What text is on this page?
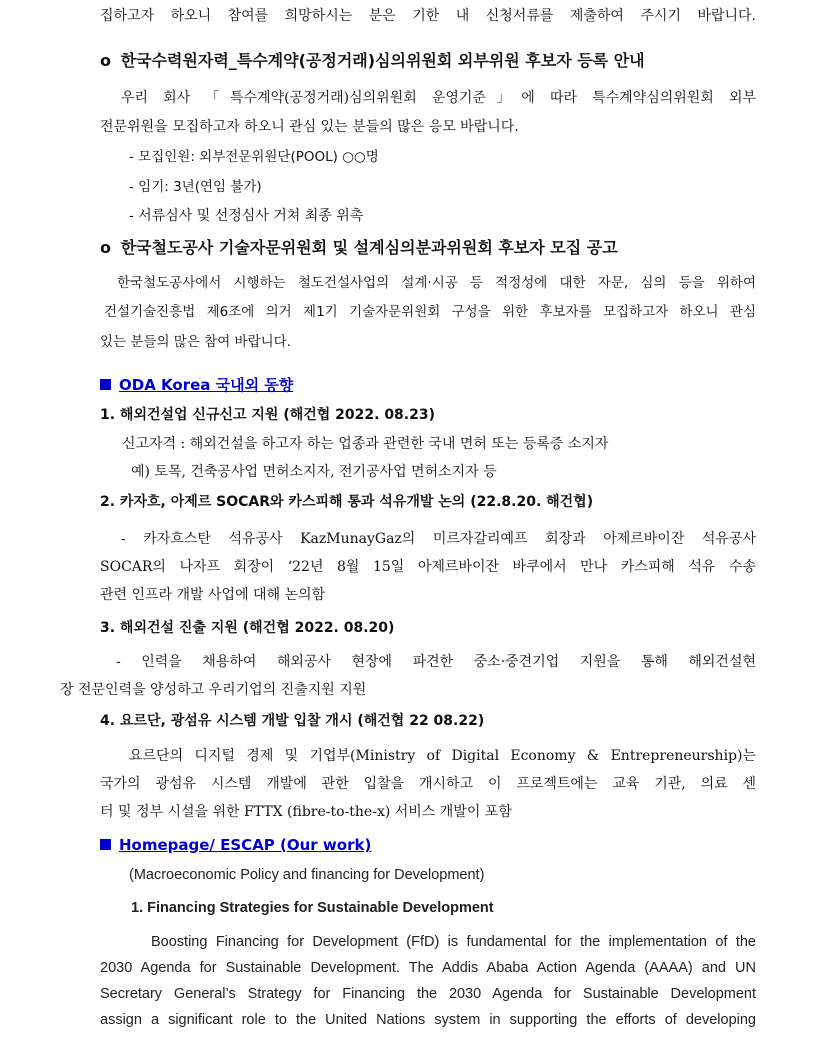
집하고자 하오니 참여를 희망하시는 분은 기한 내 신청서류를 제출하여 주시기 바랍니다.
o 한국수력원자력_특수계약(공정거래)심의위원회 외부위원 후보자 등록 안내
우리 회사 「특수계약(공정거래)심의위원회 운영기준」에 따라 특수계약심의위원회 외부
전문위원을 모집하고자 하오니 관심 있는 분들의 많은 응모 바랍니다.
- 모집인원: 외부전문위원단(POOL) ○○명
- 임기: 3년(연임 불가)
- 서류심사 및 선정심사 거쳐 최종 위촉
o 한국철도공사 기술자문위원회 및 설계심의분과위원회 후보자 모집 공고
한국철도공사에서 시행하는 철도건설사업의 설계·시공 등 적정성에 대한 자문, 심의 등을 위하여
건설기술진흥법 제6조에 의거 제1기 기술자문위원회 구성을 위한 후보자를 모집하고자 하오니 관심
있는 분들의 많은 참여 바랍니다.
ODA Korea 국내외 동향
1. 해외건설업 신규신고 지원 (해건협 2022. 08.23)
신고자격 : 해외건설을 하고자 하는 업종과 관련한 국내 면허 또는 등록증 소지자
예) 토목, 건축공사업 면허소지자, 전기공사업 면허소지자 등
2. 카자흐, 아제르 SOCAR와 카스피해 통과 석유개발 논의 (22.8.20. 해건협)
- 카자흐스탄 석유공사 KazMunayGaz의 미르자갈리예프 회장과 아제르바이잔 석유공사
SOCAR의 나자프 회장이 ‘22년 8월 15일 아제르바이잔 바쿠에서 만나 카스피해 석유 수송
관련 인프라 개발 사업에 대해 논의함
3. 해외건설 진출 지원 (해건협 2022. 08.20)
- 인력을 채용하여 해외공사 현장에 파견한 중소·중견기업 지원을 통해 해외건설현
장 전문인력을 양성하고 우리기업의 진출지원 지원
4. 요르단, 광섬유 시스템 개발 입찰 개시 (해건협 22 08.22)
요르단의 디지털 경제 및 기업부(Ministry of Digital Economy & Entrepreneurship)는
국가의 광섬유 시스템 개발에 관한 입찰을 개시하고 이 프로젝트에는 교육 기관, 의료 센
터 및 정부 시설을 위한 FTTX (fibre-to-the-x) 서비스 개발이 포함
Homepage/ ESCAP (Our work)
(Macroeconomic Policy and financing for Development)
1. Financing Strategies for Sustainable Development
Boosting Financing for Development (FfD) is fundamental for the implementation of the
2030 Agenda for Sustainable Development. The Addis Ababa Action Agenda (AAAA) and UN
Secretary General’s Strategy for Financing the 2030 Agenda for Sustainable Development
assign a significant role to the United Nations system in supporting the efforts of developing
